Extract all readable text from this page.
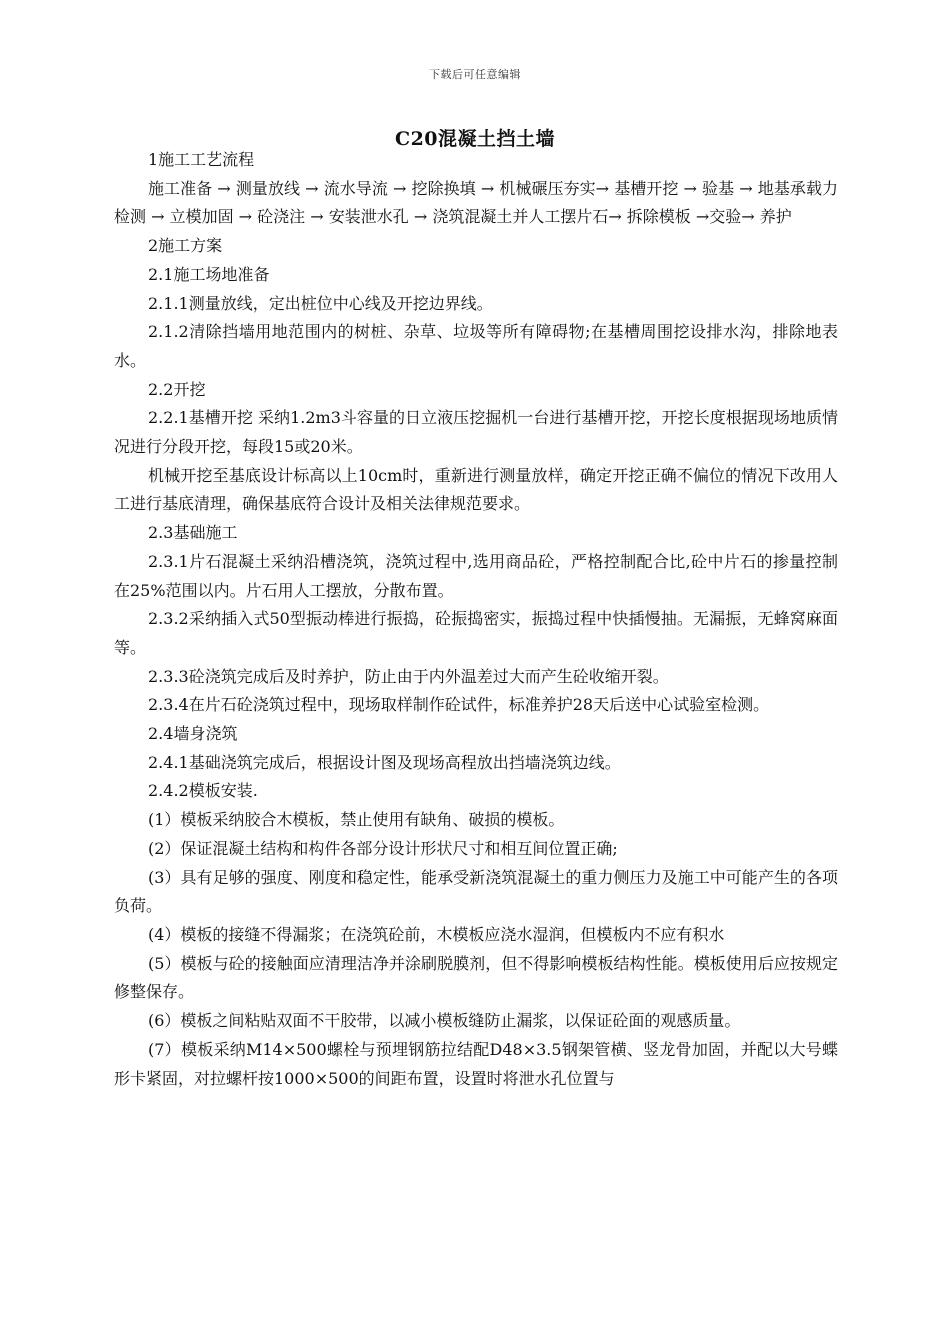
下载后可任意编辑
C20混凝土挡土墙

1施工工艺流程

施工准备 → 测量放线 → 流水导流 → 挖除换填 → 机械碾压夯实→ 基槽开挖 → 验基 → 地基承载力检测 → 立模加固 → 砼浇注 → 安装泄水孔 → 浇筑混凝土并人工摆片石→ 拆除模板 →交验→ 养护

2施工方案

2.1施工场地准备

2.1.1测量放线，定出桩位中心线及开挖边界线。

2.1.2清除挡墙用地范围内的树桩、杂草、垃圾等所有障碍物;在基槽周围挖设排水沟，排除地表水。

2.2开挖

2.2.1基槽开挖 采纳1.2m3斗容量的日立液压挖掘机一台进行基槽开挖，开挖长度根据现场地质情况进行分段开挖，每段15或20米。

机械开挖至基底设计标高以上10cm时，重新进行测量放样，确定开挖正确不偏位的情况下改用人工进行基底清理，确保基底符合设计及相关法律规范要求。

2.3基础施工

2.3.1片石混凝土采纳沿槽浇筑，浇筑过程中,选用商品砼，严格控制配合比,砼中片石的掺量控制在25%范围以内。片石用人工摆放，分散布置。

2.3.2采纳插入式50型振动棒进行振捣，砼振捣密实，振捣过程中快插慢抽。无漏振，无蜂窝麻面等。

2.3.3砼浇筑完成后及时养护，防止由于内外温差过大而产生砼收缩开裂。

2.3.4在片石砼浇筑过程中，现场取样制作砼试件，标准养护28天后送中心试验室检测。

2.4墙身浇筑

2.4.1基础浇筑完成后，根据设计图及现场高程放出挡墙浇筑边线。

2.4.2模板安装.

(1）模板采纳胶合木模板，禁止使用有缺角、破损的模板。

(2）保证混凝土结构和构件各部分设计形状尺寸和相互间位置正确;

(3）具有足够的强度、刚度和稳定性，能承受新浇筑混凝土的重力侧压力及施工中可能产生的各项负荷。

(4）模板的接缝不得漏浆；在浇筑砼前，木模板应浇水湿润，但模板内不应有积水

(5）模板与砼的接触面应清理洁净并涂刷脱膜剂，但不得影响模板结构性能。模板使用后应按规定修整保存。

(6）模板之间粘贴双面不干胶带，以减小模板缝防止漏浆，以保证砼面的观感质量。

(7）模板采纳M14×500螺栓与预埋钢筋拉结配D48×3.5钢架管横、竖龙骨加固，并配以大号蝶形卡紧固，对拉螺杆按1000×500的间距布置，设置时将泄水孔位置与
